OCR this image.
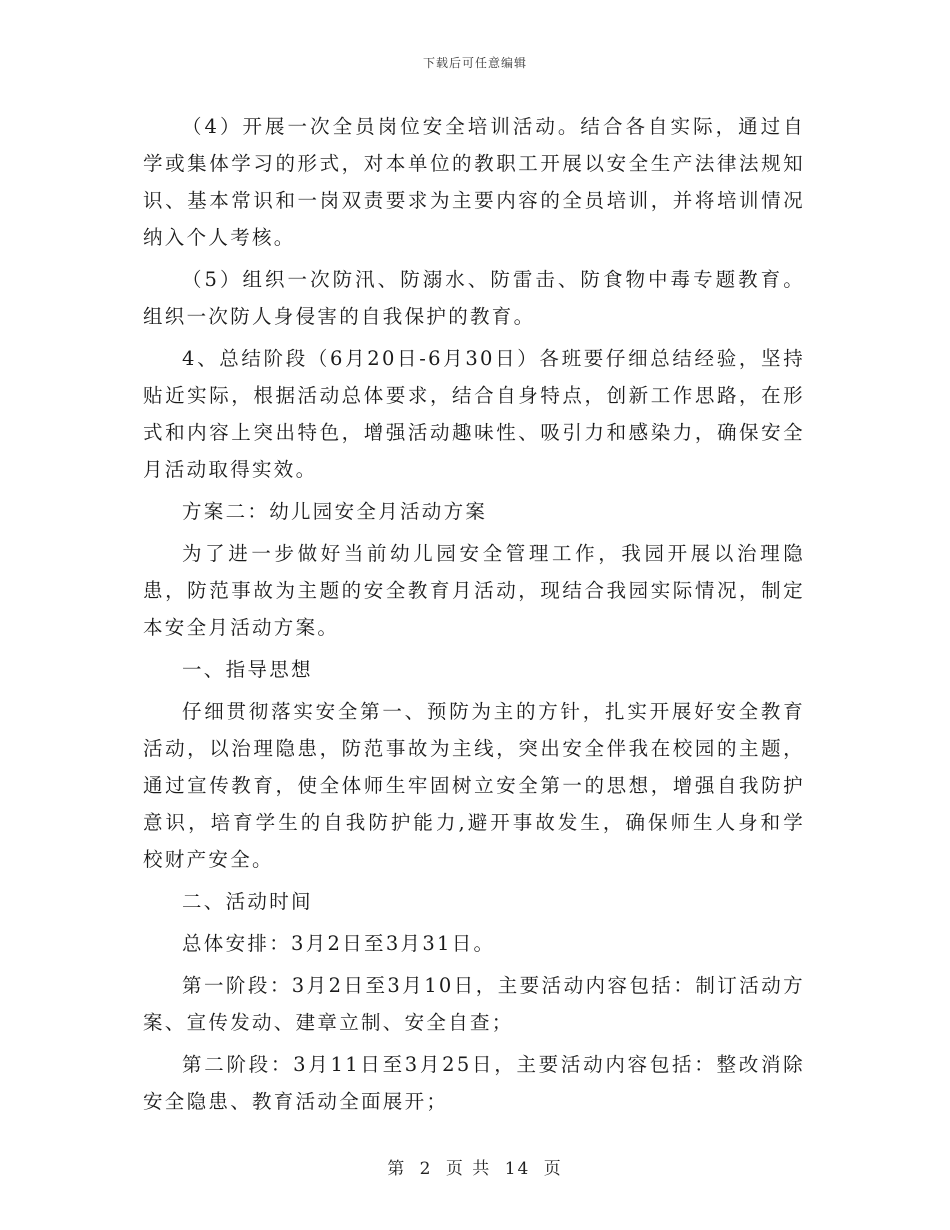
下载后可任意编辑

（4）开展一次全员岗位安全培训活动。结合各自实际，通过自学或集体学习的形式，对本单位的教职工开展以安全生产法律法规知识、基本常识和一岗双责要求为主要内容的全员培训，并将培训情况纳入个人考核。

（5）组织一次防汛、防溺水、防雷击、防食物中毒专题教育。组织一次防人身侵害的自我保护的教育。

4、总结阶段（6月20日-6月30日）各班要仔细总结经验，坚持贴近实际，根据活动总体要求，结合自身特点，创新工作思路，在形式和内容上突出特色，增强活动趣味性、吸引力和感染力，确保安全月活动取得实效。

方案二：幼儿园安全月活动方案

为了进一步做好当前幼儿园安全管理工作，我园开展以治理隐患，防范事故为主题的安全教育月活动，现结合我园实际情况，制定本安全月活动方案。

一、指导思想

仔细贯彻落实安全第一、预防为主的方针，扎实开展好安全教育活动，以治理隐患，防范事故为主线，突出安全伴我在校园的主题，通过宣传教育，使全体师生牢固树立安全第一的思想，增强自我防护意识，培育学生的自我防护能力,避开事故发生，确保师生人身和学校财产安全。

二、活动时间

总体安排：3月2日至3月31日。

第一阶段：3月2日至3月10日，主要活动内容包括：制订活动方案、宣传发动、建章立制、安全自查；

第二阶段：3月11日至3月25日，主要活动内容包括：整改消除安全隐患、教育活动全面展开；

第 2 页 共 14 页
